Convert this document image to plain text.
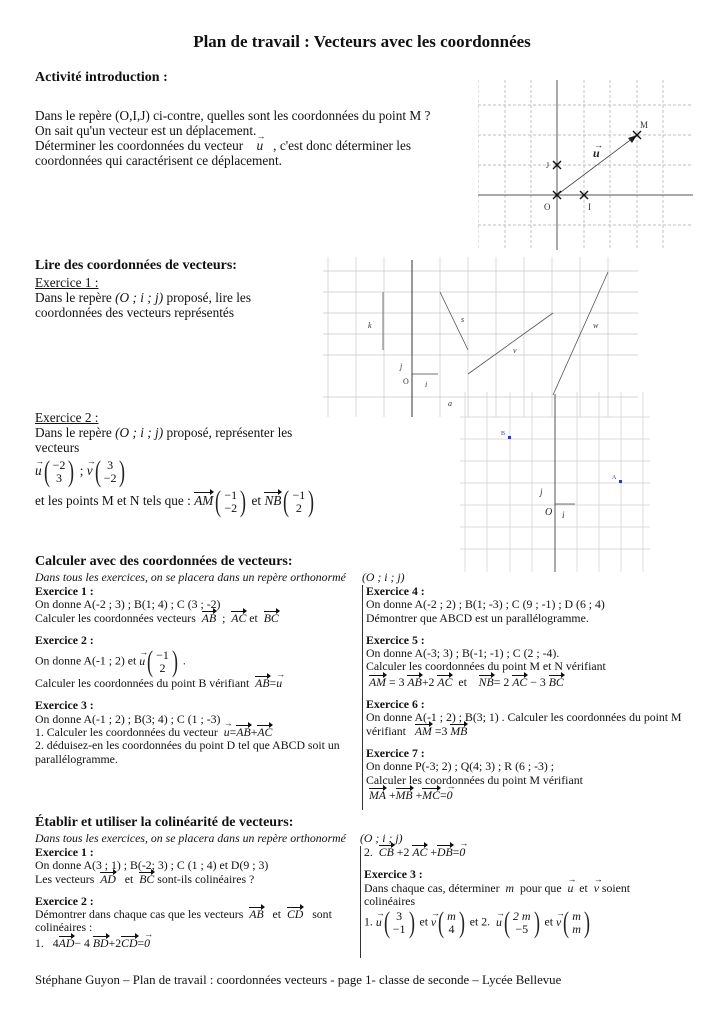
Plan de travail : Vecteurs avec les coordonnées
Activité introduction :
Dans le repère (O,I,J) ci-contre, quelles sont les coordonnées du point M ?
On sait qu'un vecteur est un déplacement.
Déterminer les coordonnées du vecteur → u , c'est donc déterminer les
coordonnées qui caractérisent ce déplacement.
O	I
J
M
u
→
Lire des coordonnées de vecteurs:
Exercice 1 :
Dans le repère (O ; i ; j) proposé, lire les
coordonnées des vecteurs représentés
k
s
v
w
a
i
j
O
Exercice 2 :
Dans le repère (O ; i ; j) proposé, représenter les
vecteurs
→ u ( −2
3 ) ; → v ( 3
−2 )
et les points M et N tels que : AM ( −1
−2 ) et NB ( −1
2 )
B
A
O i
j
Calculer avec des coordonnées de vecteurs:
Dans tous les exercices, on se placera dans un repère orthonormé (O ; i ; j)
Exercice 1 :
On donne A(-2 ; 3) ; B(1; 4) ; C (3 ; -2)
Calculer les coordonnées vecteurs AB ; AC et BC
Exercice 2 :
On donne A(-1 ; 2) et → u ( −1
2 ) .
Calculer les coordonnées du point B vérifiant AB=→ u
Exercice 3 :
On donne A(-1 ; 2) ; B(3; 4) ; C (1 ; -3)
1. Calculer les coordonnées du vecteur → u=AB+AC
2. déduisez-en les coordonnées du point D tel que ABCD soit un
parallélogramme.
Exercice 4 :
On donne A(-2 ; 2) ; B(1; -3) ; C (9 ; -1) ; D (6 ; 4)
Démontrer que ABCD est un parallélogramme.
Exercice 5 :
On donne A(-3; 3) ; B(-1; -1) ; C (2 ; -4).
Calculer les coordonnées du point M et N vérifiant
AM = 3 AB+2 AC et NB= 2 AC − 3 BC
Exercice 6 :
On donne A(-1 ; 2) ; B(3; 1) . Calculer les coordonnées du point M
vérifiant AM =3 MB
Exercice 7 :
On donne P(-3; 2) ; Q(4; 3) ; R (6 ; -3) ;
Calculer les coordonnées du point M vérifiant
MA +MB +MC=→ 0
Établir et utiliser la colinéarité de vecteurs:
Dans tous les exercices, on se placera dans un repère orthonormé (O ; i ; j)
Exercice 1 :
On donne A(3 ; 1) ; B(-2; 3) ; C (1 ; 4) et D(9 ; 3)
Les vecteurs AD et BC sont-ils colinéaires ?
Exercice 2 :
Démontrer dans chaque cas que les vecteurs AB et CD sont
colinéaires :
1. 4AD− 4 BD+2CD=→ 0
2. CB +2 AC +DB=→ 0
Exercice 3 :
Dans chaque cas, déterminer m pour que → u et → v soient
colinéaires
1. → u ( 3
−1 ) et → v ( m
4 ) et 2. → u ( 2 m
−5 ) et → v ( m
m )
Stéphane Guyon – Plan de travail : coordonnées vecteurs - page 1- classe de seconde – Lycée Bellevue
